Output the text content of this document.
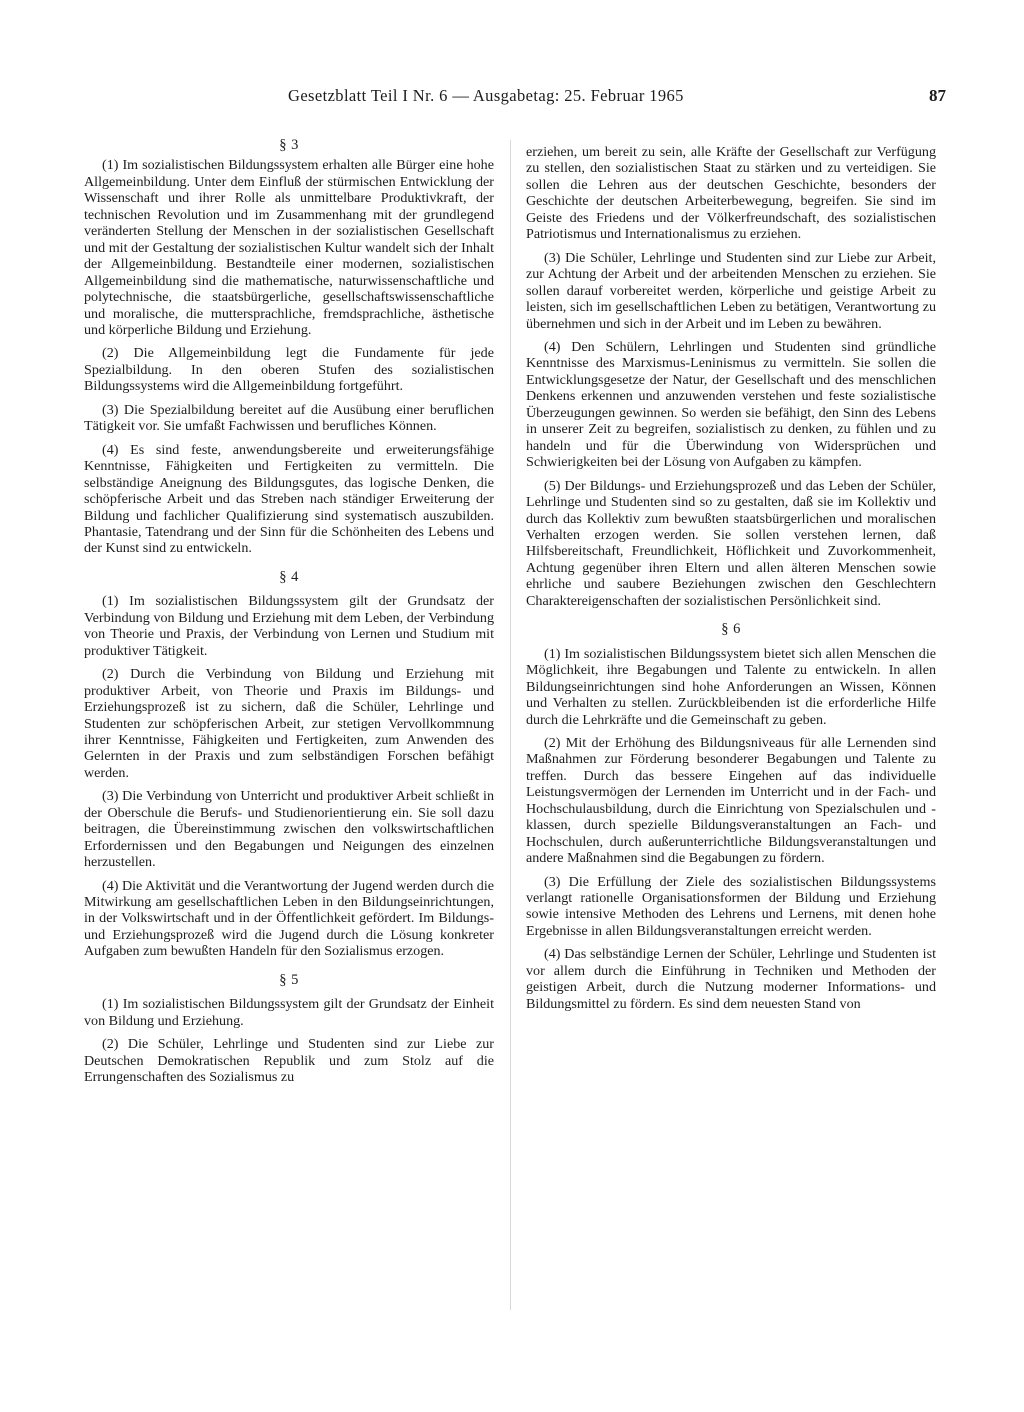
Gesetzblatt Teil I Nr. 6 — Ausgabetag: 25. Februar 1965	87
§ 3

(1) Im sozialistischen Bildungssystem erhalten alle Bürger eine hohe Allgemeinbildung. Unter dem Einfluß der stürmischen Entwicklung der Wissenschaft und ihrer Rolle als unmittelbare Produktivkraft, der technischen Revolution und im Zusammenhang mit der grundlegend veränderten Stellung der Menschen in der sozialistischen Gesellschaft und mit der Gestaltung der sozialistischen Kultur wandelt sich der Inhalt der Allgemeinbildung. Bestandteile einer modernen, sozialistischen Allgemeinbildung sind die mathematische, naturwissenschaftliche und polytechnische, die staatsbürgerliche, gesellschaftswissenschaftliche und moralische, die muttersprachliche, fremdsprachliche, ästhetische und körperliche Bildung und Erziehung.

(2) Die Allgemeinbildung legt die Fundamente für jede Spezialbildung. In den oberen Stufen des sozialistischen Bildungssystems wird die Allgemeinbildung fortgeführt.

(3) Die Spezialbildung bereitet auf die Ausübung einer beruflichen Tätigkeit vor. Sie umfaßt Fachwissen und berufliches Können.

(4) Es sind feste, anwendungsbereite und erweiterungsfähige Kenntnisse, Fähigkeiten und Fertigkeiten zu vermitteln. Die selbständige Aneignung des Bildungsgutes, das logische Denken, die schöpferische Arbeit und das Streben nach ständiger Erweiterung der Bildung und fachlicher Qualifizierung sind systematisch auszubilden. Phantasie, Tatendrang und der Sinn für die Schönheiten des Lebens und der Kunst sind zu entwickeln.

§ 4

(1) Im sozialistischen Bildungssystem gilt der Grundsatz der Verbindung von Bildung und Erziehung mit dem Leben, der Verbindung von Theorie und Praxis, der Verbindung von Lernen und Studium mit produktiver Tätigkeit.

(2) Durch die Verbindung von Bildung und Erziehung mit produktiver Arbeit, von Theorie und Praxis im Bildungs- und Erziehungsprozeß ist zu sichern, daß die Schüler, Lehrlinge und Studenten zur schöpferischen Arbeit, zur stetigen Vervollkommnung ihrer Kenntnisse, Fähigkeiten und Fertigkeiten, zum Anwenden des Gelernten in der Praxis und zum selbständigen Forschen befähigt werden.

(3) Die Verbindung von Unterricht und produktiver Arbeit schließt in der Oberschule die Berufs- und Studienorientierung ein. Sie soll dazu beitragen, die Übereinstimmung zwischen den volkswirtschaftlichen Erfordernissen und den Begabungen und Neigungen des einzelnen herzustellen.

(4) Die Aktivität und die Verantwortung der Jugend werden durch die Mitwirkung am gesellschaftlichen Leben in den Bildungseinrichtungen, in der Volkswirtschaft und in der Öffentlichkeit gefördert. Im Bildungs- und Erziehungsprozeß wird die Jugend durch die Lösung konkreter Aufgaben zum bewußten Handeln für den Sozialismus erzogen.

§ 5

(1) Im sozialistischen Bildungssystem gilt der Grundsatz der Einheit von Bildung und Erziehung.

(2) Die Schüler, Lehrlinge und Studenten sind zur Liebe zur Deutschen Demokratischen Republik und zum Stolz auf die Errungenschaften des Sozialismus zu

erziehen, um bereit zu sein, alle Kräfte der Gesellschaft zur Verfügung zu stellen, den sozialistischen Staat zu stärken und zu verteidigen. Sie sollen die Lehren aus der deutschen Geschichte, besonders der Geschichte der deutschen Arbeiterbewegung, begreifen. Sie sind im Geiste des Friedens und der Völkerfreundschaft, des sozialistischen Patriotismus und Internationalismus zu erziehen.

(3) Die Schüler, Lehrlinge und Studenten sind zur Liebe zur Arbeit, zur Achtung der Arbeit und der arbeitenden Menschen zu erziehen. Sie sollen darauf vorbereitet werden, körperliche und geistige Arbeit zu leisten, sich im gesellschaftlichen Leben zu betätigen, Verantwortung zu übernehmen und sich in der Arbeit und im Leben zu bewähren.

(4) Den Schülern, Lehrlingen und Studenten sind gründliche Kenntnisse des Marxismus-Leninismus zu vermitteln. Sie sollen die Entwicklungsgesetze der Natur, der Gesellschaft und des menschlichen Denkens erkennen und anzuwenden verstehen und feste sozialistische Überzeugungen gewinnen. So werden sie befähigt, den Sinn des Lebens in unserer Zeit zu begreifen, sozialistisch zu denken, zu fühlen und zu handeln und für die Überwindung von Widersprüchen und Schwierigkeiten bei der Lösung von Aufgaben zu kämpfen.

(5) Der Bildungs- und Erziehungsprozeß und das Leben der Schüler, Lehrlinge und Studenten sind so zu gestalten, daß sie im Kollektiv und durch das Kollektiv zum bewußten staatsbürgerlichen und moralischen Verhalten erzogen werden. Sie sollen verstehen lernen, daß Hilfsbereitschaft, Freundlichkeit, Höflichkeit und Zuvorkommenheit, Achtung gegenüber ihren Eltern und allen älteren Menschen sowie ehrliche und saubere Beziehungen zwischen den Geschlechtern Charaktereigenschaften der sozialistischen Persönlichkeit sind.

§ 6

(1) Im sozialistischen Bildungssystem bietet sich allen Menschen die Möglichkeit, ihre Begabungen und Talente zu entwickeln. In allen Bildungseinrichtungen sind hohe Anforderungen an Wissen, Können und Verhalten zu stellen. Zurückbleibenden ist die erforderliche Hilfe durch die Lehrkräfte und die Gemeinschaft zu geben.

(2) Mit der Erhöhung des Bildungsniveaus für alle Lernenden sind Maßnahmen zur Förderung besonderer Begabungen und Talente zu treffen. Durch das bessere Eingehen auf das individuelle Leistungsvermögen der Lernenden im Unterricht und in der Fach- und Hochschulausbildung, durch die Einrichtung von Spezialschulen und -klassen, durch spezielle Bildungsveranstaltungen an Fach- und Hochschulen, durch außerunterrichtliche Bildungsveranstaltungen und andere Maßnahmen sind die Begabungen zu fördern.

(3) Die Erfüllung der Ziele des sozialistischen Bildungssystems verlangt rationelle Organisationsformen der Bildung und Erziehung sowie intensive Methoden des Lehrens und Lernens, mit denen hohe Ergebnisse in allen Bildungsveranstaltungen erreicht werden.

(4) Das selbständige Lernen der Schüler, Lehrlinge und Studenten ist vor allem durch die Einführung in Techniken und Methoden der geistigen Arbeit, durch die Nutzung moderner Informations- und Bildungsmittel zu fördern. Es sind dem neuesten Stand von
